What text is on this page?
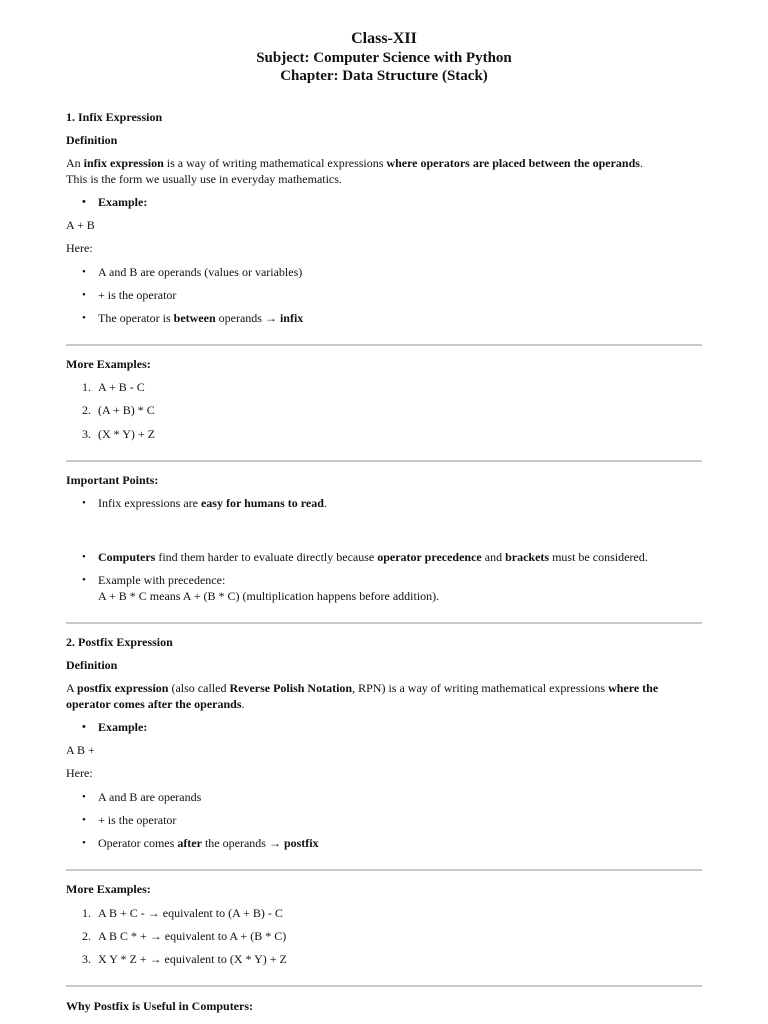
Class-XII
Subject: Computer Science with Python
Chapter: Data Structure (Stack)
1. Infix Expression
Definition
An infix expression is a way of writing mathematical expressions where operators are placed between the operands.
This is the form we usually use in everyday mathematics.
• Example:
A + B
Here:
• A and B are operands (values or variables)
• + is the operator
• The operator is between operands → infix
More Examples:
1. A + B - C
2. (A + B) * C
3. (X * Y) + Z
Important Points:
• Infix expressions are easy for humans to read.
• Computers find them harder to evaluate directly because operator precedence and brackets must be considered.
• Example with precedence:
A + B * C means A + (B * C) (multiplication happens before addition).
2. Postfix Expression
Definition
A postfix expression (also called Reverse Polish Notation, RPN) is a way of writing mathematical expressions where the
operator comes after the operands.
• Example:
A B +
Here:
• A and B are operands
• + is the operator
• Operator comes after the operands → postfix
More Examples:
1. A B + C - → equivalent to (A + B) - C
2. A B C * + → equivalent to A + (B * C)
3. X Y * Z + → equivalent to (X * Y) + Z
Why Postfix is Useful in Computers:
